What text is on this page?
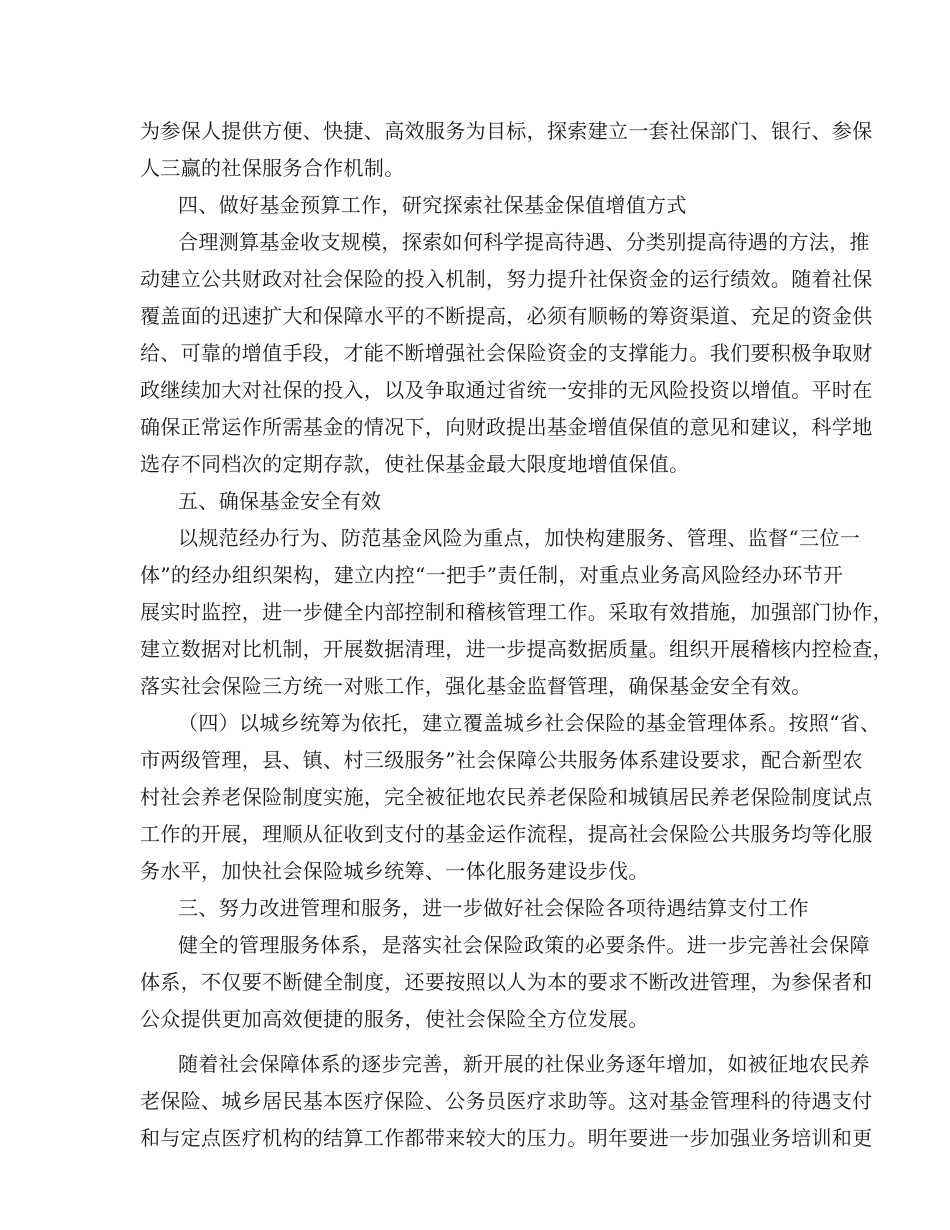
为参保人提供方便、快捷、高效服务为目标，探索建立一套社保部门、银行、参保
人三赢的社保服务合作机制。
四、做好基金预算工作，研究探索社保基金保值增值方式
合理测算基金收支规模，探索如何科学提高待遇、分类别提高待遇的方法，推
动建立公共财政对社会保险的投入机制，努力提升社保资金的运行绩效。随着社保
覆盖面的迅速扩大和保障水平的不断提高，必须有顺畅的筹资渠道、充足的资金供
给、可靠的增值手段，才能不断增强社会保险资金的支撑能力。我们要积极争取财
政继续加大对社保的投入，以及争取通过省统一安排的无风险投资以增值。平时在
确保正常运作所需基金的情况下，向财政提出基金增值保值的意见和建议，科学地
选存不同档次的定期存款，使社保基金最大限度地增值保值。
五、确保基金安全有效
以规范经办行为、防范基金风险为重点，加快构建服务、管理、监督“三位一
体”的经办组织架构，建立内控“一把手”责任制，对重点业务高风险经办环节开
展实时监控，进一步健全内部控制和稽核管理工作。采取有效措施，加强部门协作，
建立数据对比机制，开展数据清理，进一步提高数据质量。组织开展稽核内控检查，
落实社会保险三方统一对账工作，强化基金监督管理，确保基金安全有效。
（四）以城乡统筹为依托，建立覆盖城乡社会保险的基金管理体系。按照“省、
市两级管理，县、镇、村三级服务”社会保障公共服务体系建设要求，配合新型农
村社会养老保险制度实施，完全被征地农民养老保险和城镇居民养老保险制度试点
工作的开展，理顺从征收到支付的基金运作流程，提高社会保险公共服务均等化服
务水平，加快社会保险城乡统筹、一体化服务建设步伐。
三、努力改进管理和服务，进一步做好社会保险各项待遇结算支付工作
健全的管理服务体系，是落实社会保险政策的必要条件。进一步完善社会保障
体系，不仅要不断健全制度，还要按照以人为本的要求不断改进管理，为参保者和
公众提供更加高效便捷的服务，使社会保险全方位发展。
随着社会保障体系的逐步完善，新开展的社保业务逐年增加，如被征地农民养
老保险、城乡居民基本医疗保险、公务员医疗求助等。这对基金管理科的待遇支付
和与定点医疗机构的结算工作都带来较大的压力。明年要进一步加强业务培训和更
